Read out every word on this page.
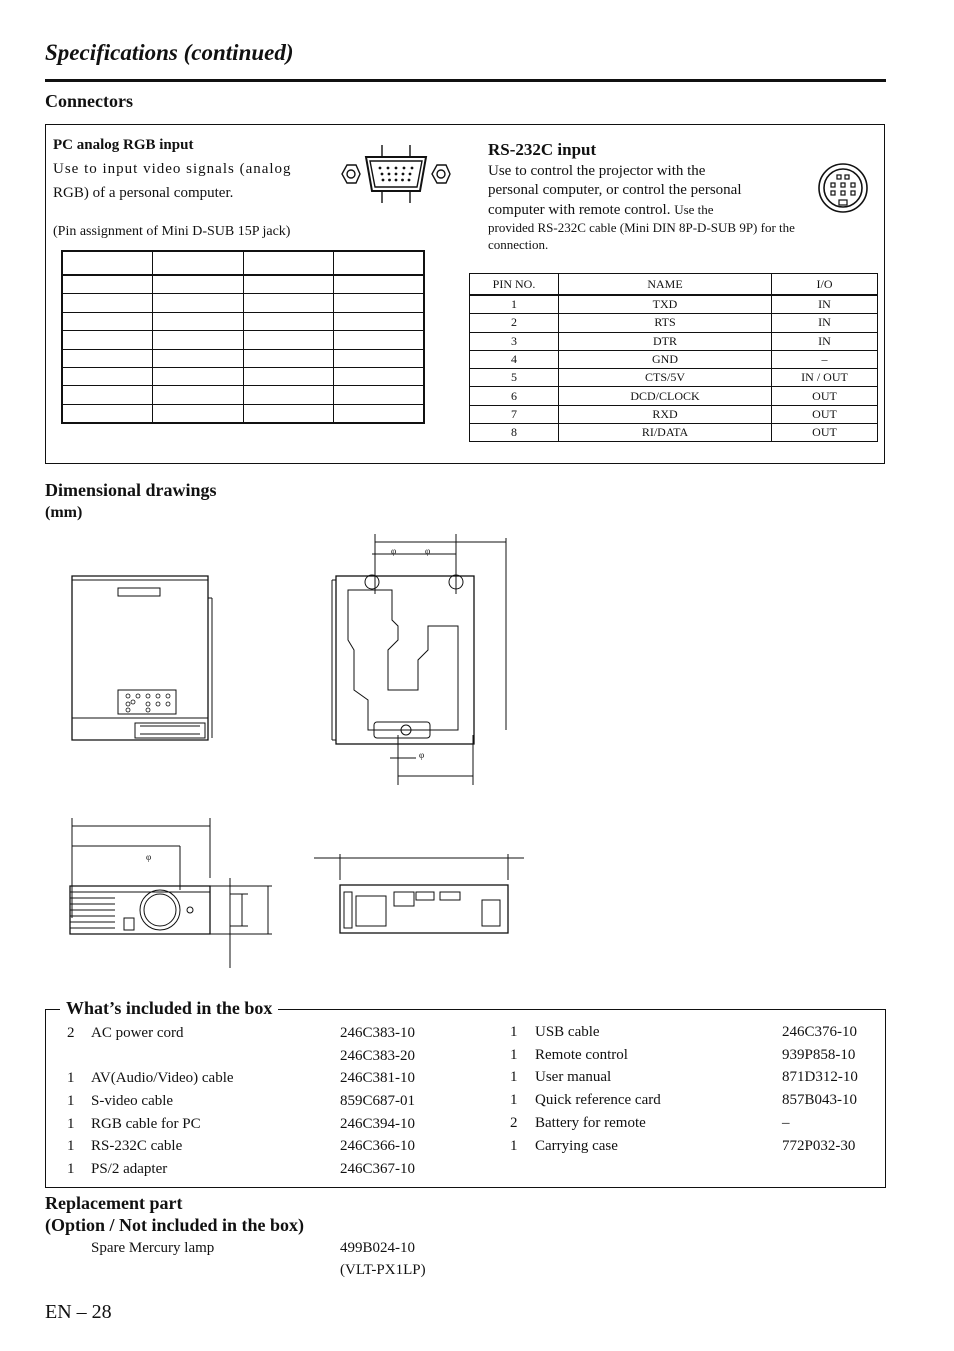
Specifications (continued)
Connectors
PC analog RGB input
Use to input video signals (analog
RGB) of a personal computer.
(Pin assignment of Mini D-SUB 15P jack)

RS-232C input
Use to control the projector with the
personal computer, or control the personal
computer with remote control. Use the
provided RS-232C cable (Mini DIN 8P-D-SUB 9P) for the
connection.
PIN NO.	NAME	I/O
1	TXD	IN
2	RTS	IN
3	DTR	IN
4	GND	–
5	CTS/5V	IN / OUT
6	DCD/CLOCK	OUT
7	RXD	OUT
8	RI/DATA	OUT
Dimensional drawings
(mm)
φ	φ
φ
φ
What’s included in the box
2 AC power cord	246C383-10
246C383-20
1 AV(Audio/Video) cable	246C381-10
1 S-video cable	859C687-01
1 RGB cable for PC	246C394-10
1 RS-232C cable	246C366-10
1 PS/2 adapter	246C367-10
1 USB cable	246C376-10
1 Remote control	939P858-10
1 User manual	871D312-10
1 Quick reference card	857B043-10
2 Battery for remote	–
1 Carrying case	772P032-30
Replacement part
(Option / Not included in the box)
Spare Mercury lamp	499B024-10
(VLT-PX1LP)
EN – 28
